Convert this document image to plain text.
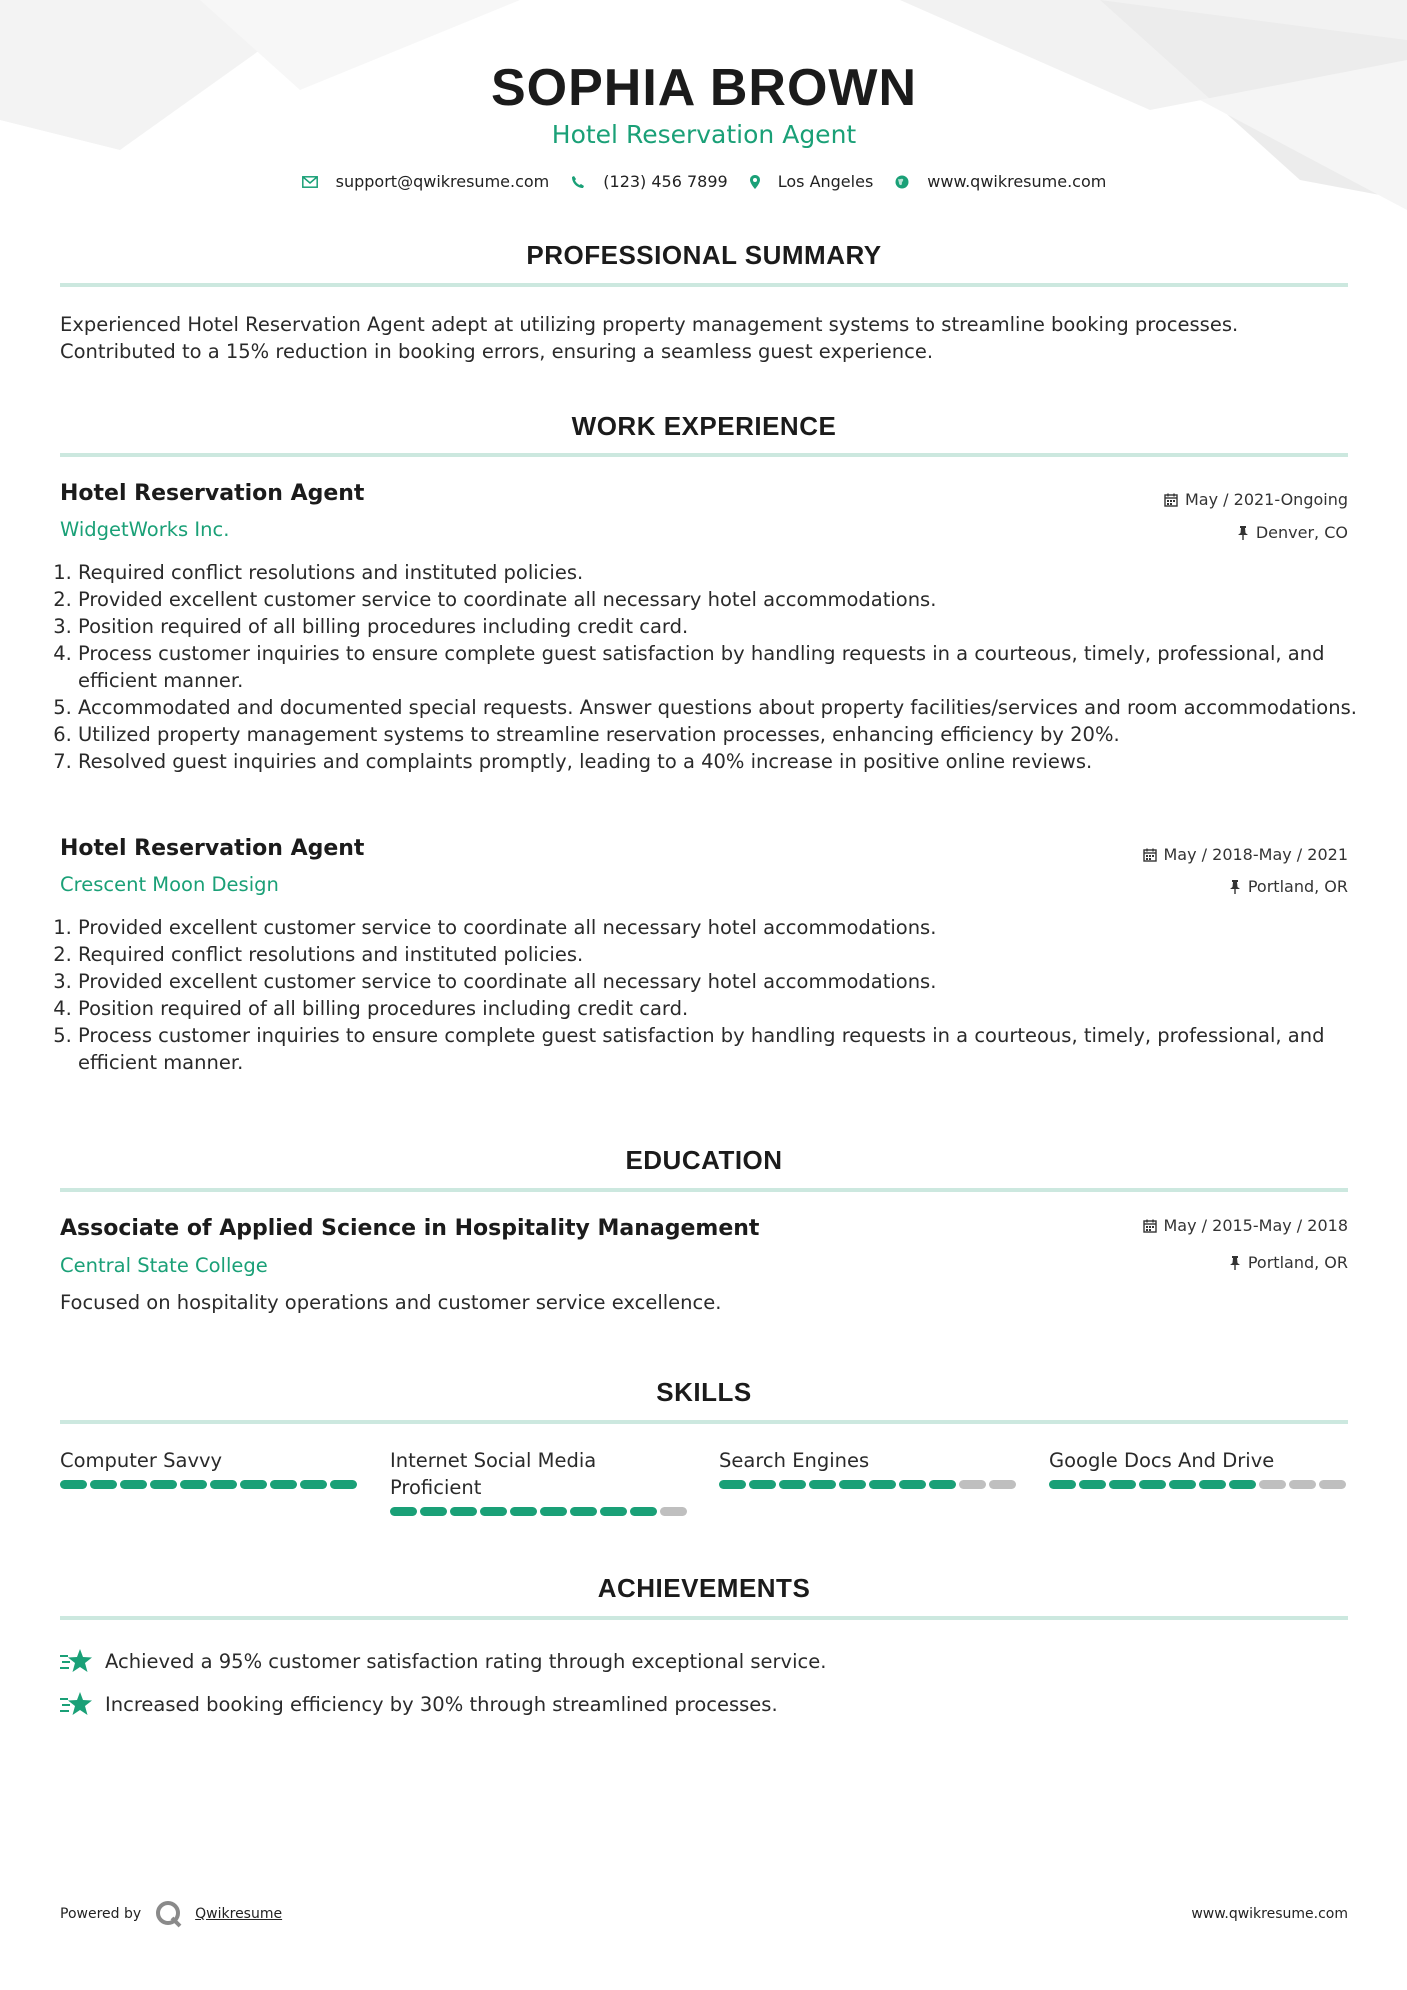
SOPHIA BROWN
Hotel Reservation Agent
support@qwikresume.com	(123) 456 7899	Los Angeles	www.qwikresume.com
PROFESSIONAL SUMMARY
Experienced Hotel Reservation Agent adept at utilizing property management systems to streamline booking processes. Contributed to a 15% reduction in booking errors, ensuring a seamless guest experience.
WORK EXPERIENCE
Hotel Reservation Agent
WidgetWorks Inc.
May / 2021-Ongoing
Denver, CO
1. Required conflict resolutions and instituted policies.
2. Provided excellent customer service to coordinate all necessary hotel accommodations.
3. Position required of all billing procedures including credit card.
4. Process customer inquiries to ensure complete guest satisfaction by handling requests in a courteous, timely, professional, and efficient manner.
5. Accommodated and documented special requests. Answer questions about property facilities/services and room accommodations.
6. Utilized property management systems to streamline reservation processes, enhancing efficiency by 20%.
7. Resolved guest inquiries and complaints promptly, leading to a 40% increase in positive online reviews.
Hotel Reservation Agent
Crescent Moon Design
May / 2018-May / 2021
Portland, OR
1. Provided excellent customer service to coordinate all necessary hotel accommodations.
2. Required conflict resolutions and instituted policies.
3. Provided excellent customer service to coordinate all necessary hotel accommodations.
4. Position required of all billing procedures including credit card.
5. Process customer inquiries to ensure complete guest satisfaction by handling requests in a courteous, timely, professional, and efficient manner.
EDUCATION
Associate of Applied Science in Hospitality Management
Central State College
May / 2015-May / 2018
Portland, OR
Focused on hospitality operations and customer service excellence.
SKILLS
Computer Savvy	Internet Social Media Proficient
Search Engines	Google Docs And Drive
ACHIEVEMENTS
Achieved a 95% customer satisfaction rating through exceptional service.
Increased booking efficiency by 30% through streamlined processes.
Powered by	Qwikresume	www.qwikresume.com
